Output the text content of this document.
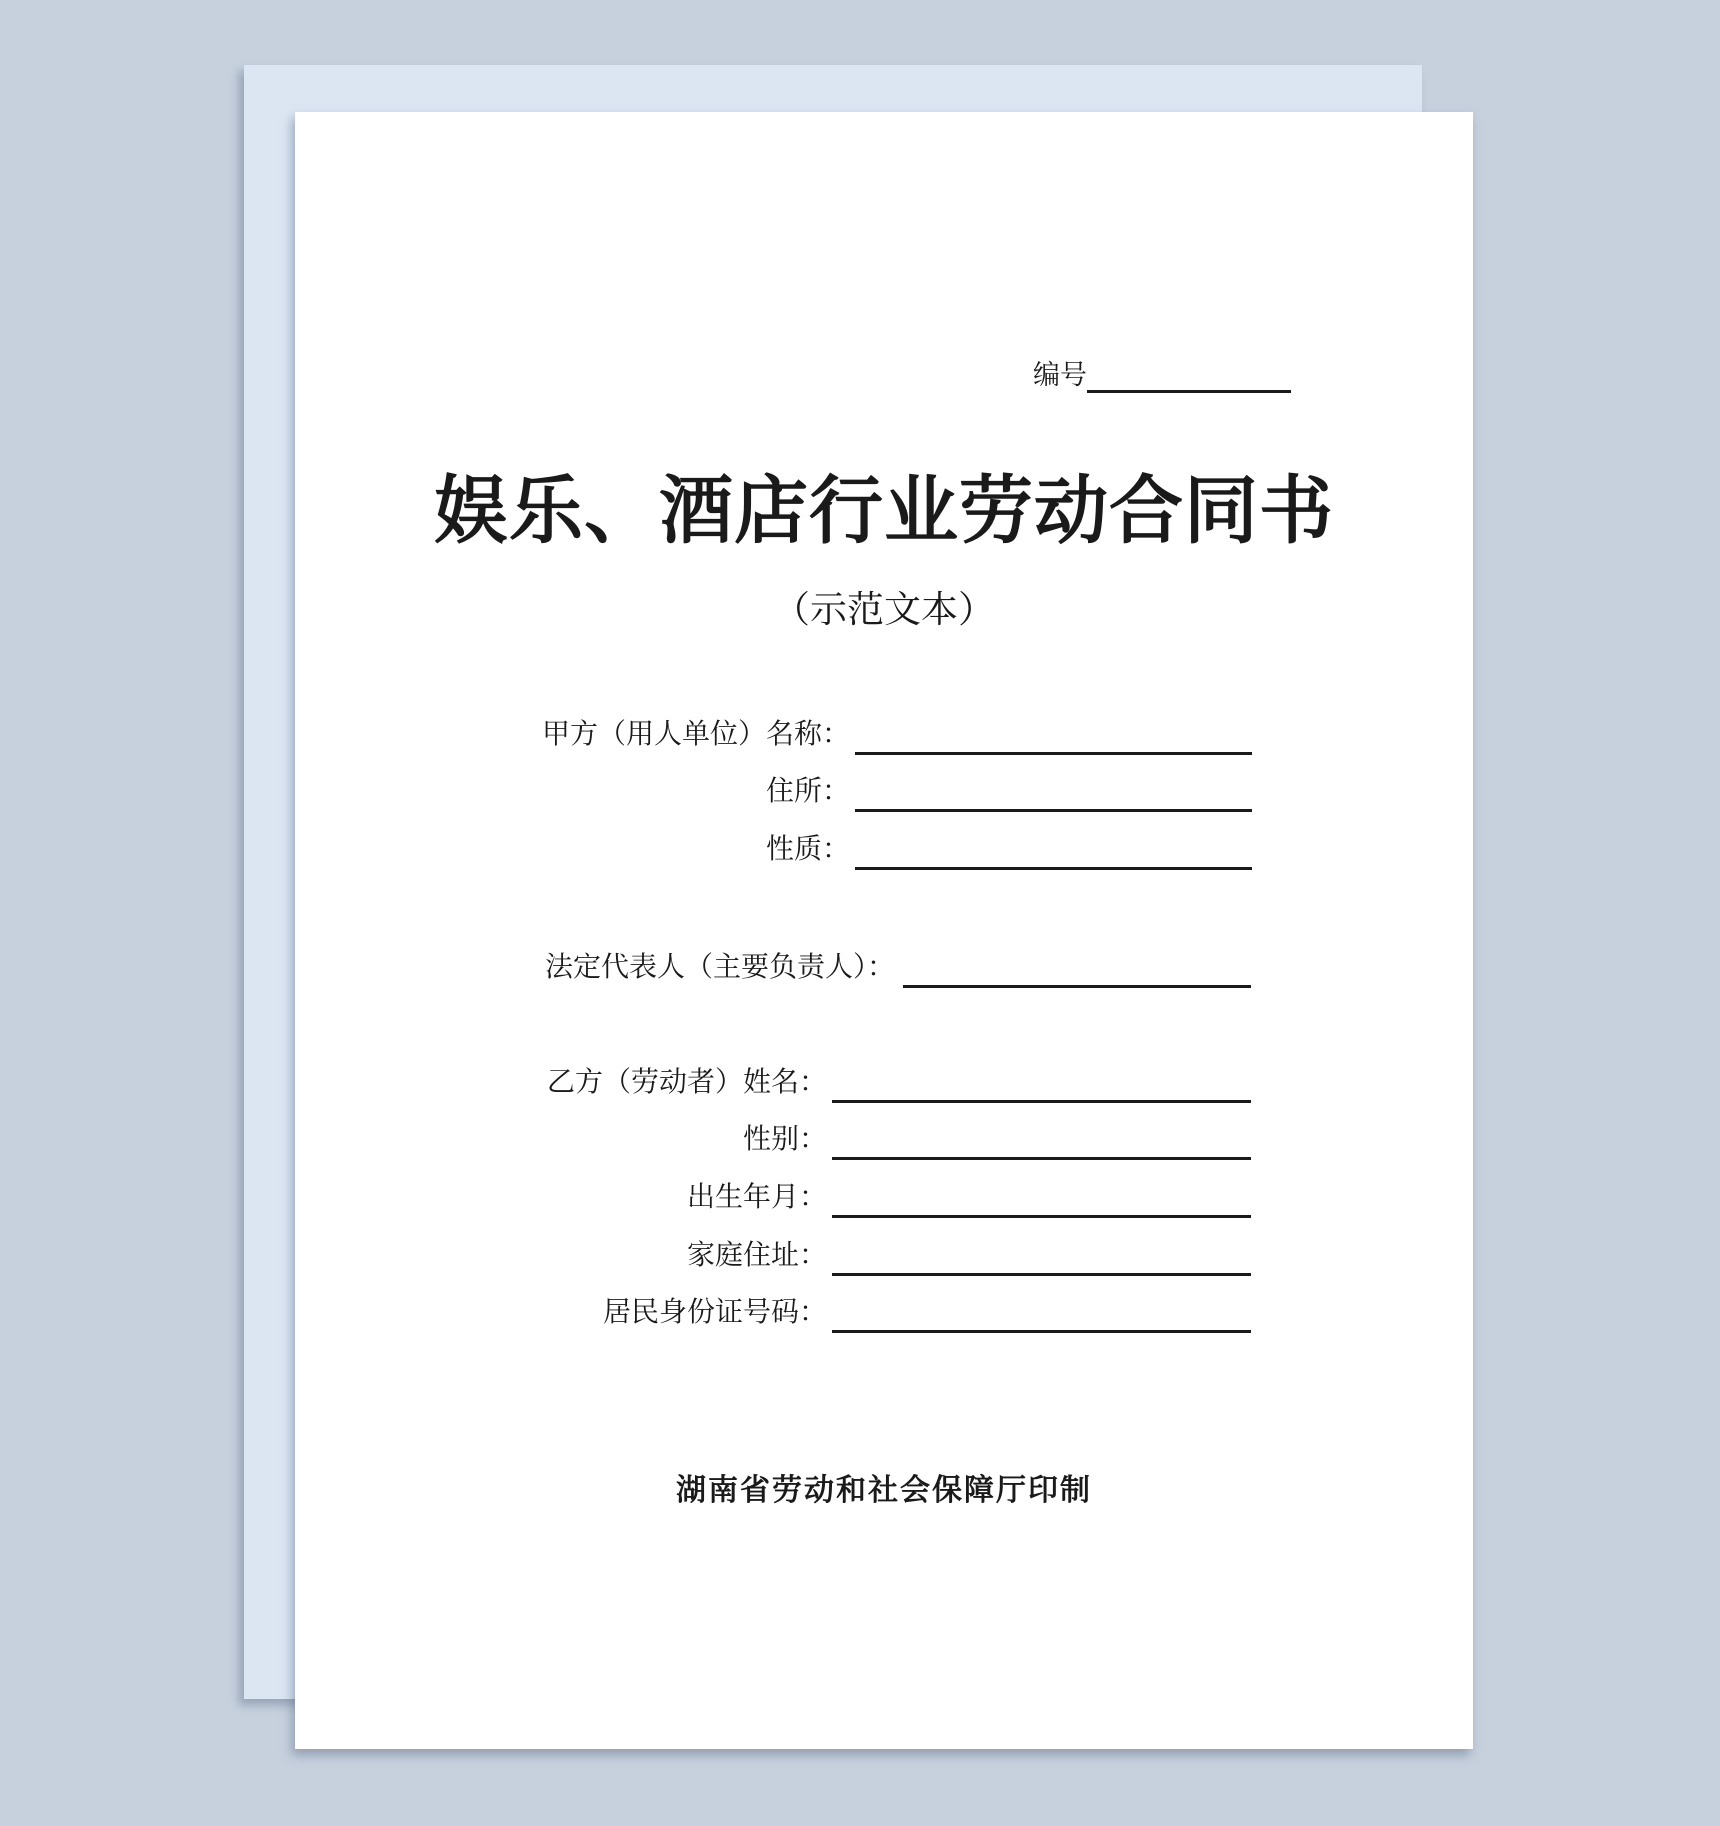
编号
娱乐、酒店行业劳动合同书
（示范文本）
甲方（用人单位）名称：
住所：
性质：
法定代表人（主要负责人）：
乙方（劳动者）姓名：
性别：
出生年月：
家庭住址：
居民身份证号码：
湖南省劳动和社会保障厅印制
